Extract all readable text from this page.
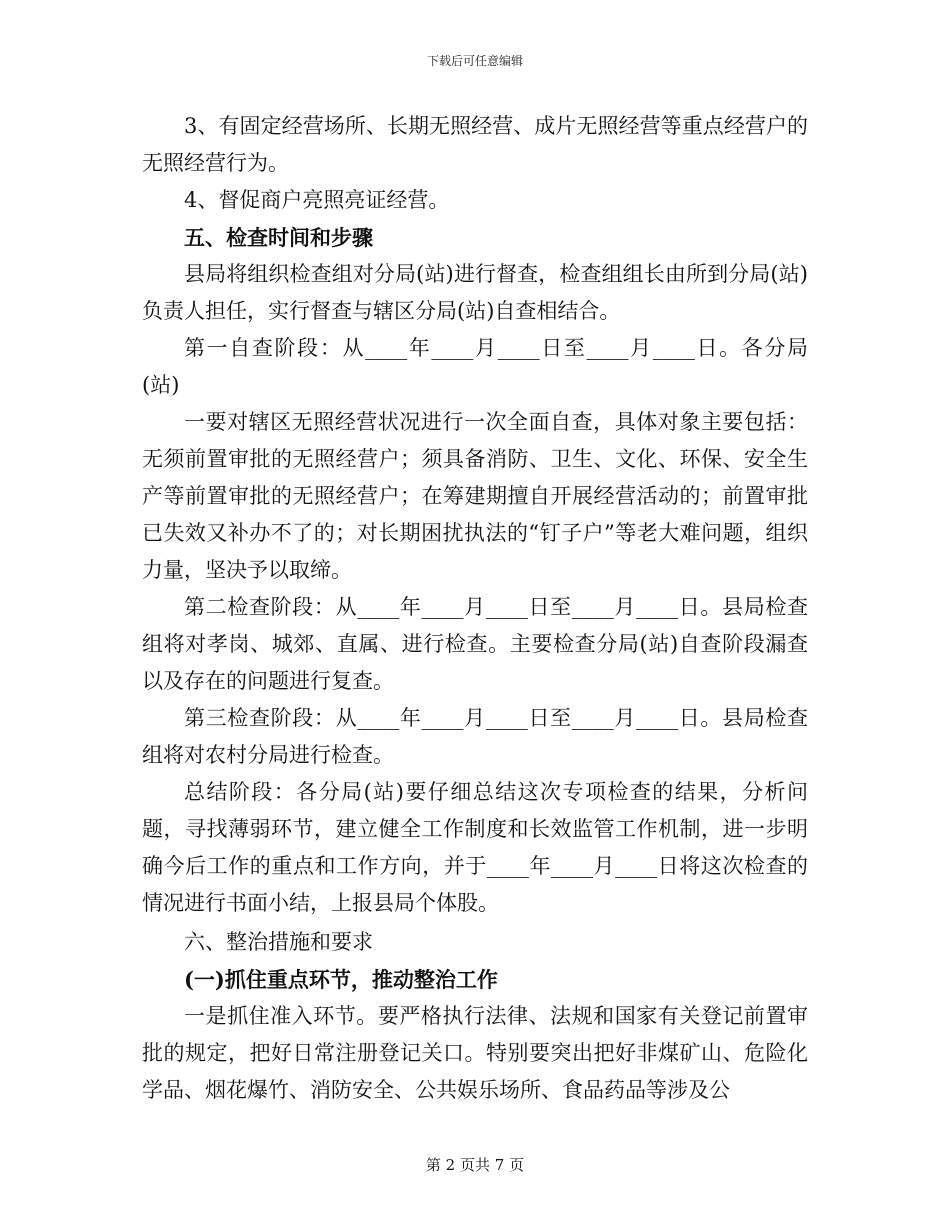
下载后可任意编辑

3、有固定经营场所、长期无照经营、成片无照经营等重点经营户的无照经营行为。

4、督促商户亮照亮证经营。

五、检查时间和步骤

县局将组织检查组对分局(站)进行督查，检查组组长由所到分局(站)负责人担任，实行督查与辖区分局(站)自查相结合。

第一自查阶段：从____年____月____日至____月____日。各分局(站)

一要对辖区无照经营状况进行一次全面自查，具体对象主要包括：无须前置审批的无照经营户；须具备消防、卫生、文化、环保、安全生产等前置审批的无照经营户；在筹建期擅自开展经营活动的；前置审批已失效又补办不了的；对长期困扰执法的“钉子户”等老大难问题，组织力量，坚决予以取缔。

第二检查阶段：从____年____月____日至____月____日。县局检查组将对孝岗、城郊、直属、进行检查。主要检查分局(站)自查阶段漏查以及存在的问题进行复查。

第三检查阶段：从____年____月____日至____月____日。县局检查组将对农村分局进行检查。

总结阶段：各分局(站)要仔细总结这次专项检查的结果，分析问题，寻找薄弱环节，建立健全工作制度和长效监管工作机制，进一步明确今后工作的重点和工作方向，并于____年____月____日将这次检查的情况进行书面小结，上报县局个体股。

六、整治措施和要求

(一)抓住重点环节，推动整治工作

一是抓住准入环节。要严格执行法律、法规和国家有关登记前置审批的规定，把好日常注册登记关口。特别要突出把好非煤矿山、危险化学品、烟花爆竹、消防安全、公共娱乐场所、食品药品等涉及公

第 2 页共 7 页
